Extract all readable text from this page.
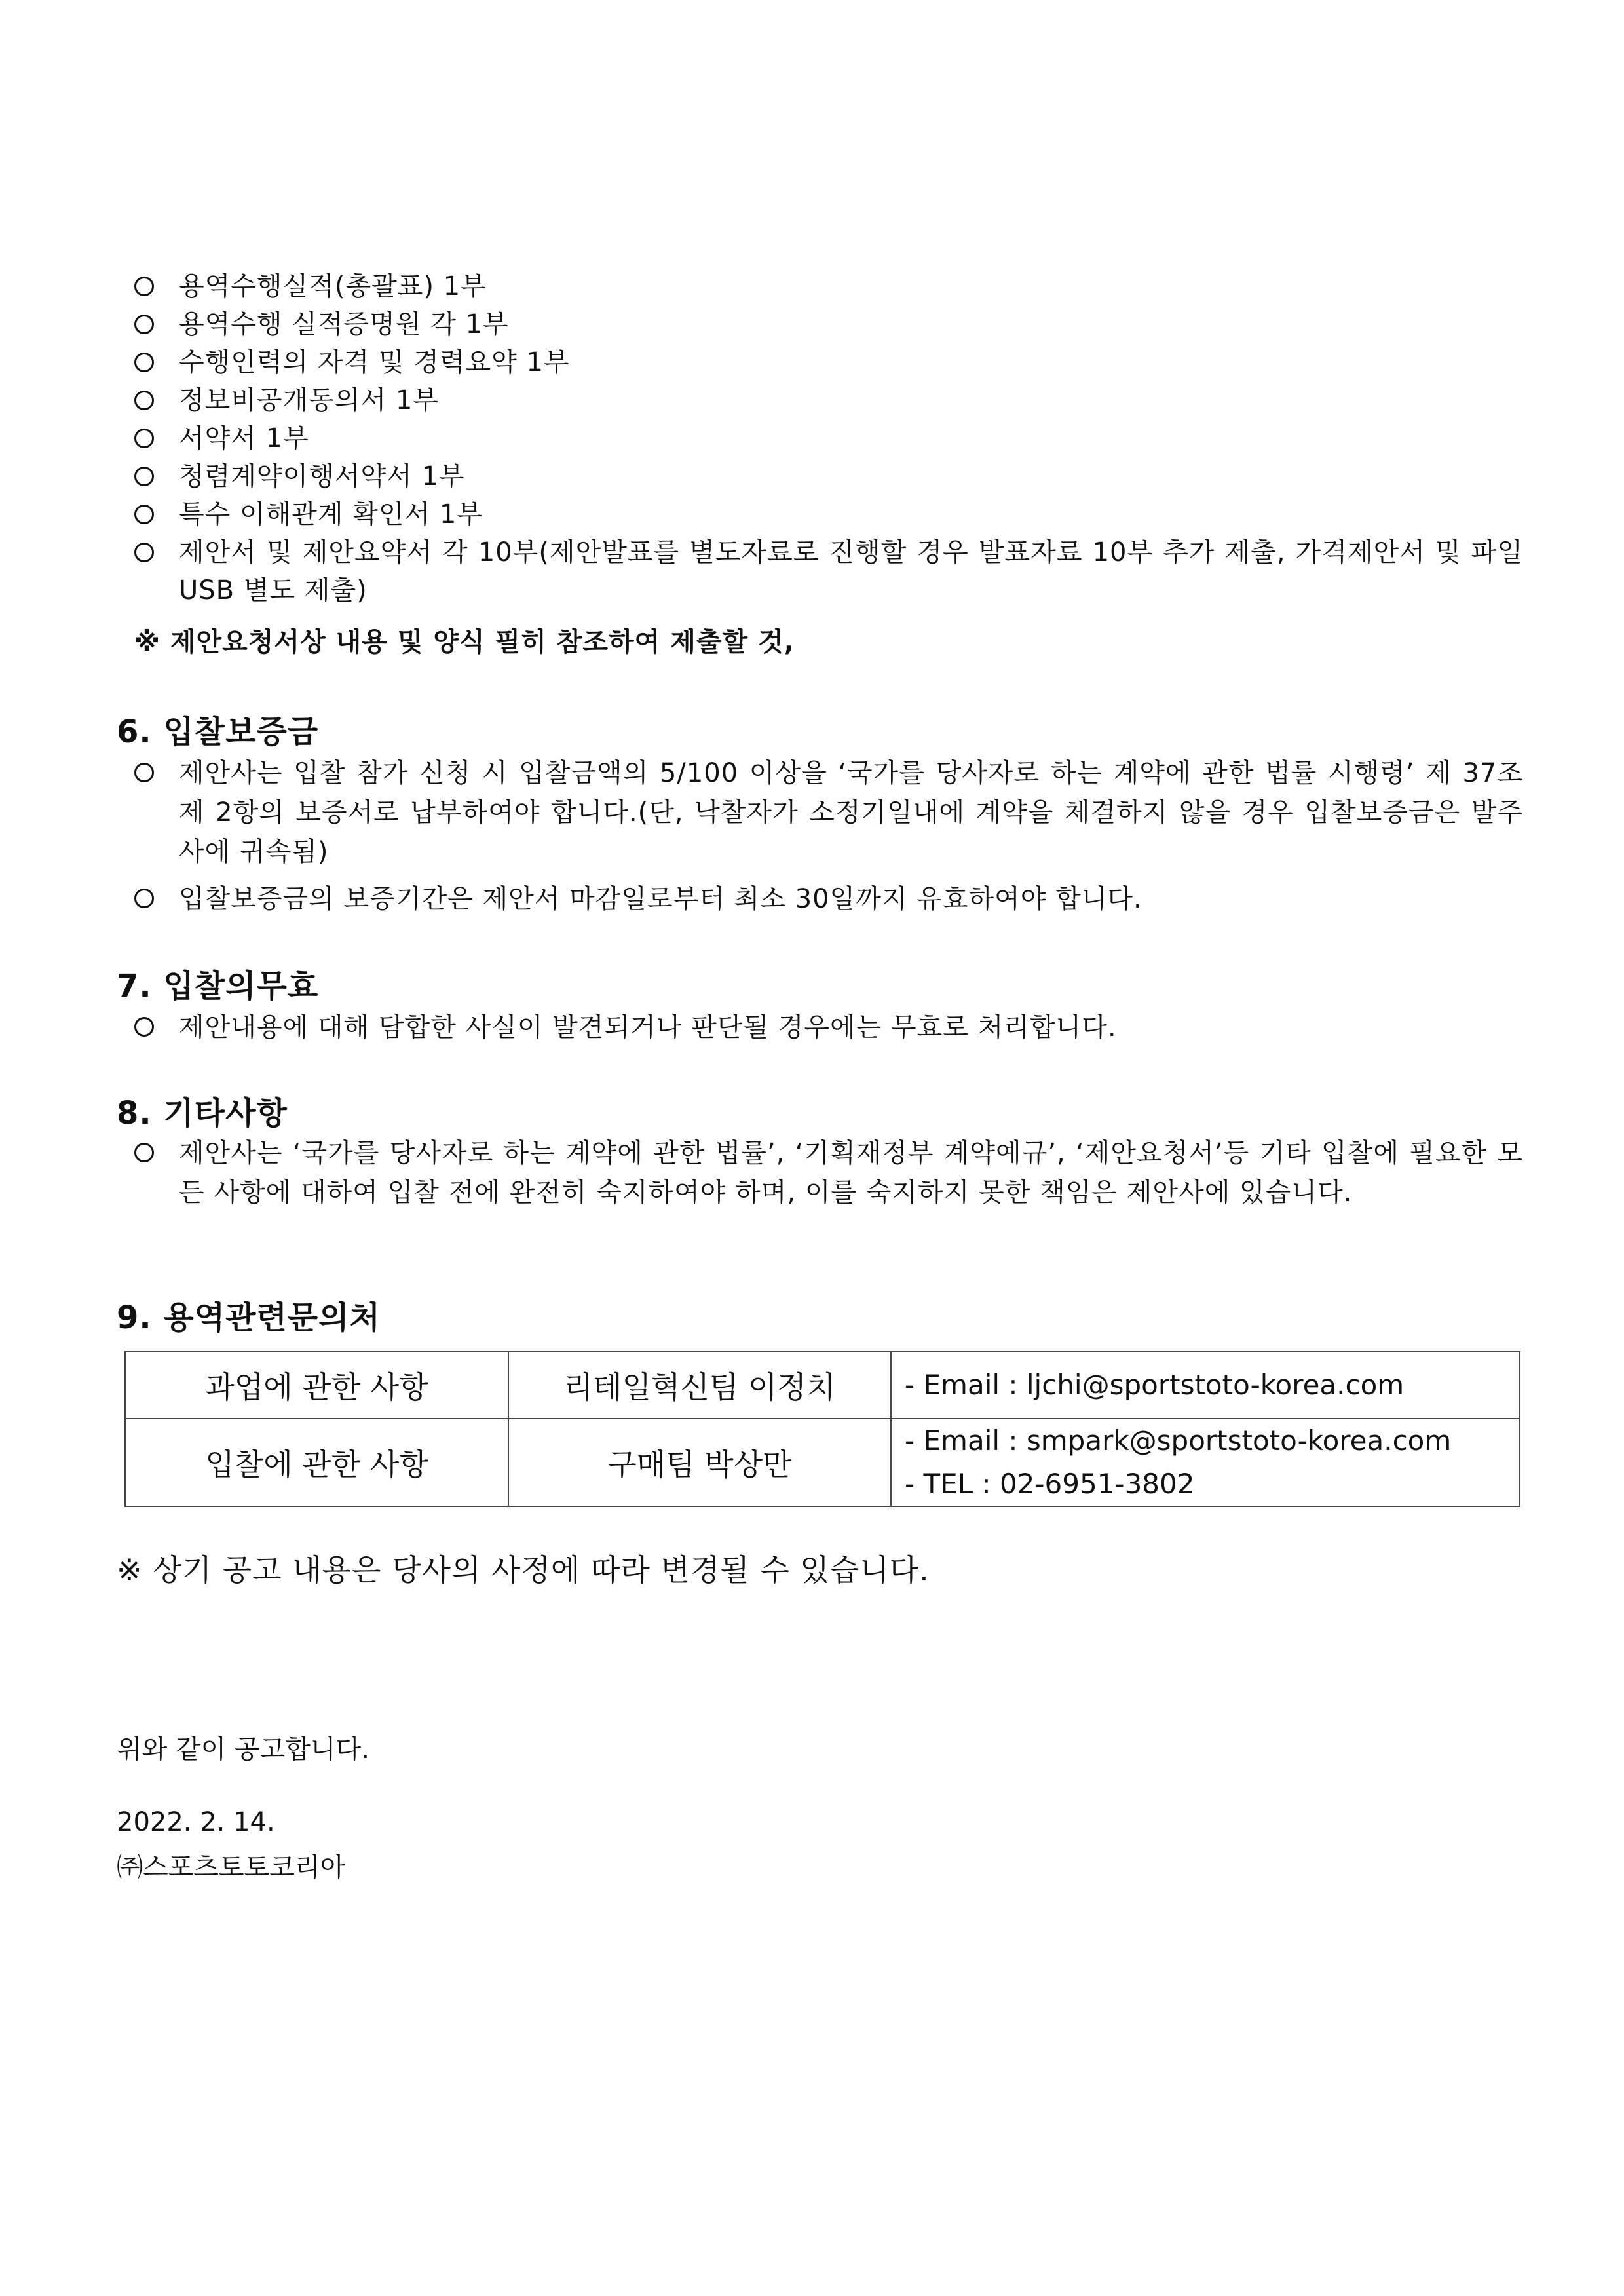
용역수행실적(총괄표) 1부
용역수행 실적증명원 각 1부
수행인력의 자격 및 경력요약 1부
정보비공개동의서 1부
서약서 1부
청렴계약이행서약서 1부
특수 이해관계 확인서 1부
제안서 및 제안요약서 각 10부(제안발표를 별도자료로 진행할 경우 발표자료 10부 추가 제출, 가격제안서 및 파일 USB 별도 제출)
※ 제안요청서상 내용 및 양식 필히 참조하여 제출할 것,
6. 입찰보증금
제안사는 입찰 참가 신청 시 입찰금액의 5/100 이상을 ‘국가를 당사자로 하는 계약에 관한 법률 시행령’ 제 37조 제 2항의 보증서로 납부하여야 합니다.(단, 낙찰자가 소정기일내에 계약을 체결하지 않을 경우 입찰보증금은 발주사에 귀속됨)
입찰보증금의 보증기간은 제안서 마감일로부터 최소 30일까지 유효하여야 합니다.
7. 입찰의무효
제안내용에 대해 담합한 사실이 발견되거나 판단될 경우에는 무효로 처리합니다.
8. 기타사항
제안사는 ‘국가를 당사자로 하는 계약에 관한 법률’, ‘기획재정부 계약예규’, ‘제안요청서’등 기타 입찰에 필요한 모든 사항에 대하여 입찰 전에 완전히 숙지하여야 하며, 이를 숙지하지 못한 책임은 제안사에 있습니다.
9. 용역관련문의처
과업에 관한 사항	리테일혁신팀 이정치	- Email : ljchi@sportstoto-korea.com

입찰에 관한 사항	구매팀 박상만	- Email : smpark@sportstoto-korea.com
- TEL : 02-6951-3802
※ 상기 공고 내용은 당사의 사정에 따라 변경될 수 있습니다.
위와 같이 공고합니다.
2022. 2. 14.
㈜스포츠토토코리아
